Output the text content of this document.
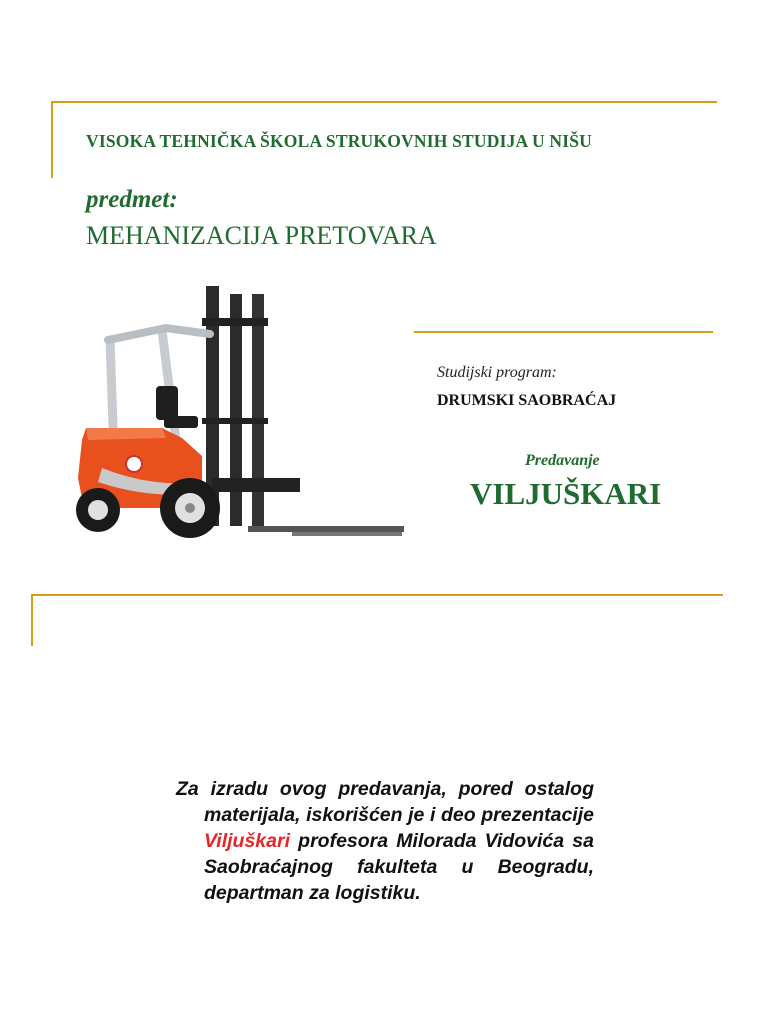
VISOKA TEHNIČKA ŠKOLA STRUKOVNIH STUDIJA U NIŠU
predmet:
MEHANIZACIJA PRETOVARA
Studijski program:
DRUMSKI SAOBRAĆAJ
Predavanje
VILJUŠKARI
Za izradu ovog predavanja, pored ostalog materijala, iskorišćen je i deo prezentacije Viljuškari profesora Milorada Vidovića sa Saobraćajnog fakulteta u Beogradu, departman za logistiku.
